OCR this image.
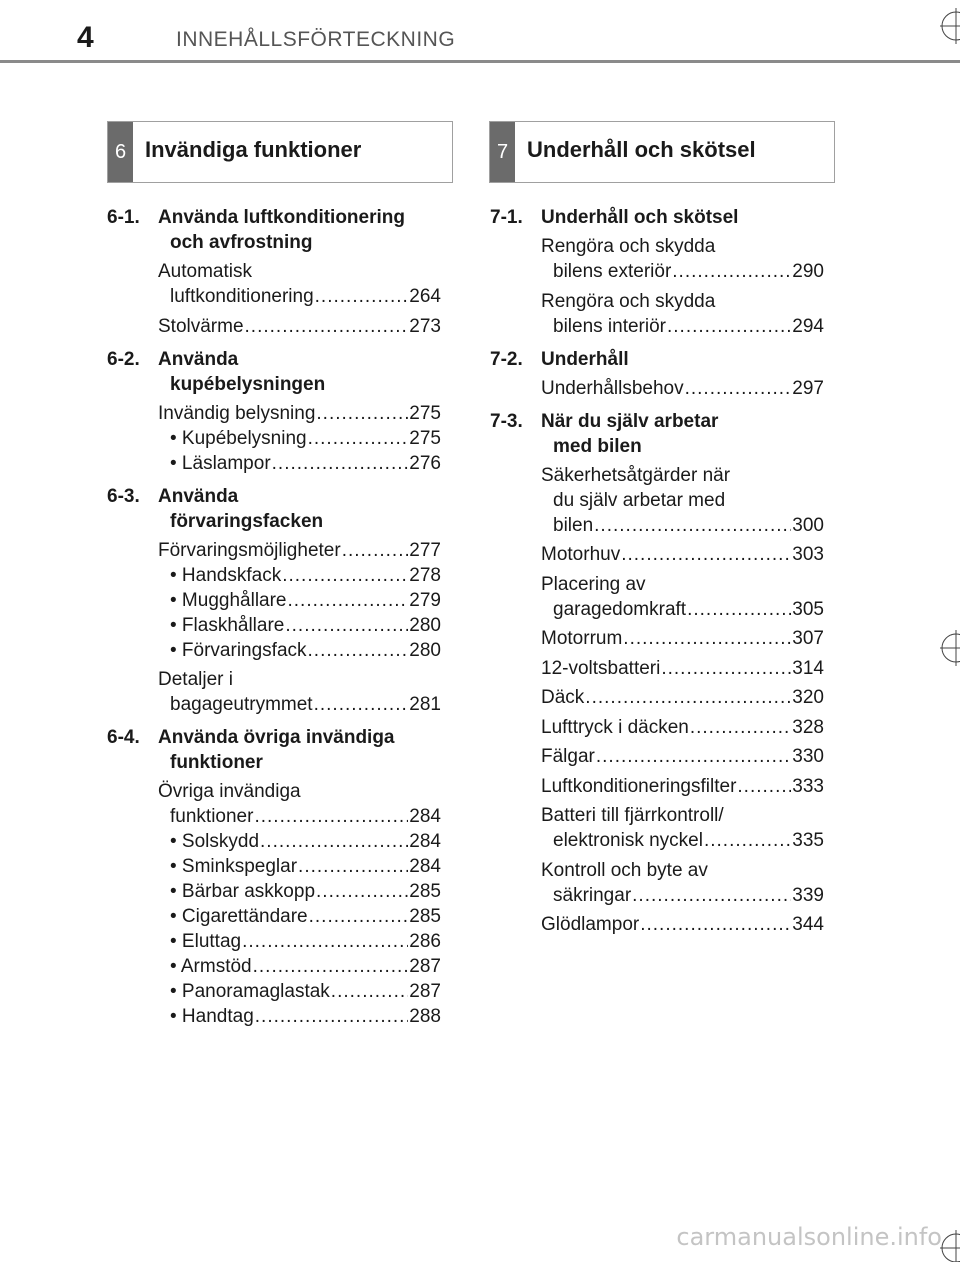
4	INNEHÅLLSFÖRTECKNING
6 Invändiga funktioner	7 Underhåll och skötsel
6-1. Använda luftkonditionering
och avfrostning
Automatisk
luftkonditionering .....	264
Stolvärme .....	273
6-2. Använda
kupébelysningen
Invändig belysning .....	275
• Kupébelysning .....	275
• Läslampor .....	276
6-3. Använda
förvaringsfacken
Förvaringsmöjligheter .....	277
• Handskfack .....	278
• Mugghållare .....	279
• Flaskhållare .....	280
• Förvaringsfack .....	280
Detaljer i
bagageutrymmet .....	281
6-4. Använda övriga invändiga
funktioner
Övriga invändiga
funktioner .....	284
• Solskydd .....	284
• Sminkspeglar .....	284
• Bärbar askkopp .....	285
• Cigarettändare .....	285
• Eluttag .....	286
• Armstöd .....	287
• Panoramaglastak .....	287
• Handtag .....	288
7-1. Underhåll och skötsel
Rengöra och skydda
bilens exteriör .....	290
Rengöra och skydda
bilens interiör .....	294
7-2. Underhåll
Underhållsbehov .....	297
7-3. När du själv arbetar
med bilen
Säkerhetsåtgärder när
du själv arbetar med
bilen .....	300
Motorhuv .....	303
Placering av
garagedomkraft .....	305
Motorrum .....	307
12-voltsbatteri .....	314
Däck .....	320
Lufttryck i däcken .....	328
Fälgar .....	330
Luftkonditioneringsfilter .....	333
Batteri till fjärrkontroll/
elektronisk nyckel .....	335
Kontroll och byte av
säkringar .....	339
Glödlampor .....	344
carmanualsonline.info
